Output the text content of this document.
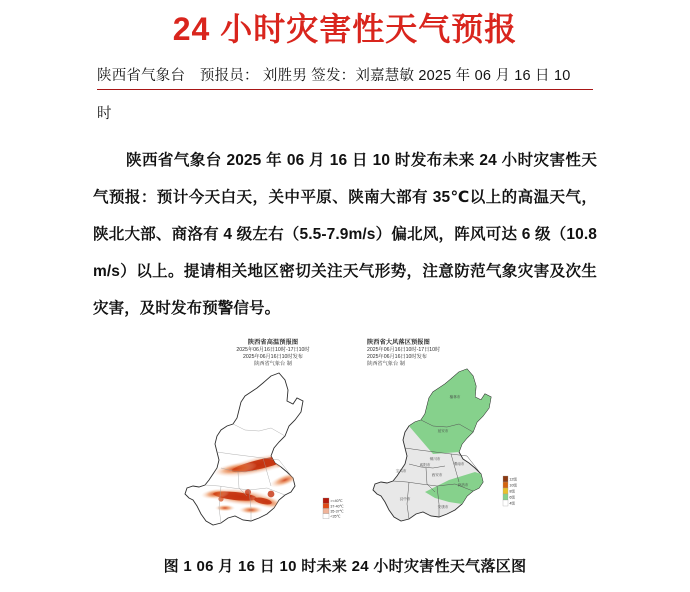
24 小时灾害性天气预报
陕西省气象台　预报员： 刘胜男 签发：刘嘉慧敏 2025 年 06 月 16 日 10
时
陕西省气象台 2025 年 06 月 16 日 10 时发布未来 24 小时灾害性天气预报：预计今天白天，关中平原、陕南大部有 35℃以上的高温天气，陕北大部、商洛有 4 级左右（5.5-7.9m/s）偏北风，阵风可达 6 级（10.8 m/s）以上。提请相关地区密切关注天气形势，注意防范气象灾害及次生灾害，及时发布预警信号。
陕西省高温预报图
2025年06月16日10时-17日10时
2025年06月16日10时发布
陕西省气象台 制
>=40℃
37-40℃
35-37℃
<35℃
陕西省大风落区预报图
2025年06月16日10时-17日10时
2025年06月16日10时发布
陕西省气象台 制
榆林市
延安市
铜川市
渭南市
咸阳市
西安市
宝鸡市
商洛市
汉中市
安康市
12级
10级
8级
6级
4级
图 1 06 月 16 日 10 时未来 24 小时灾害性天气落区图
